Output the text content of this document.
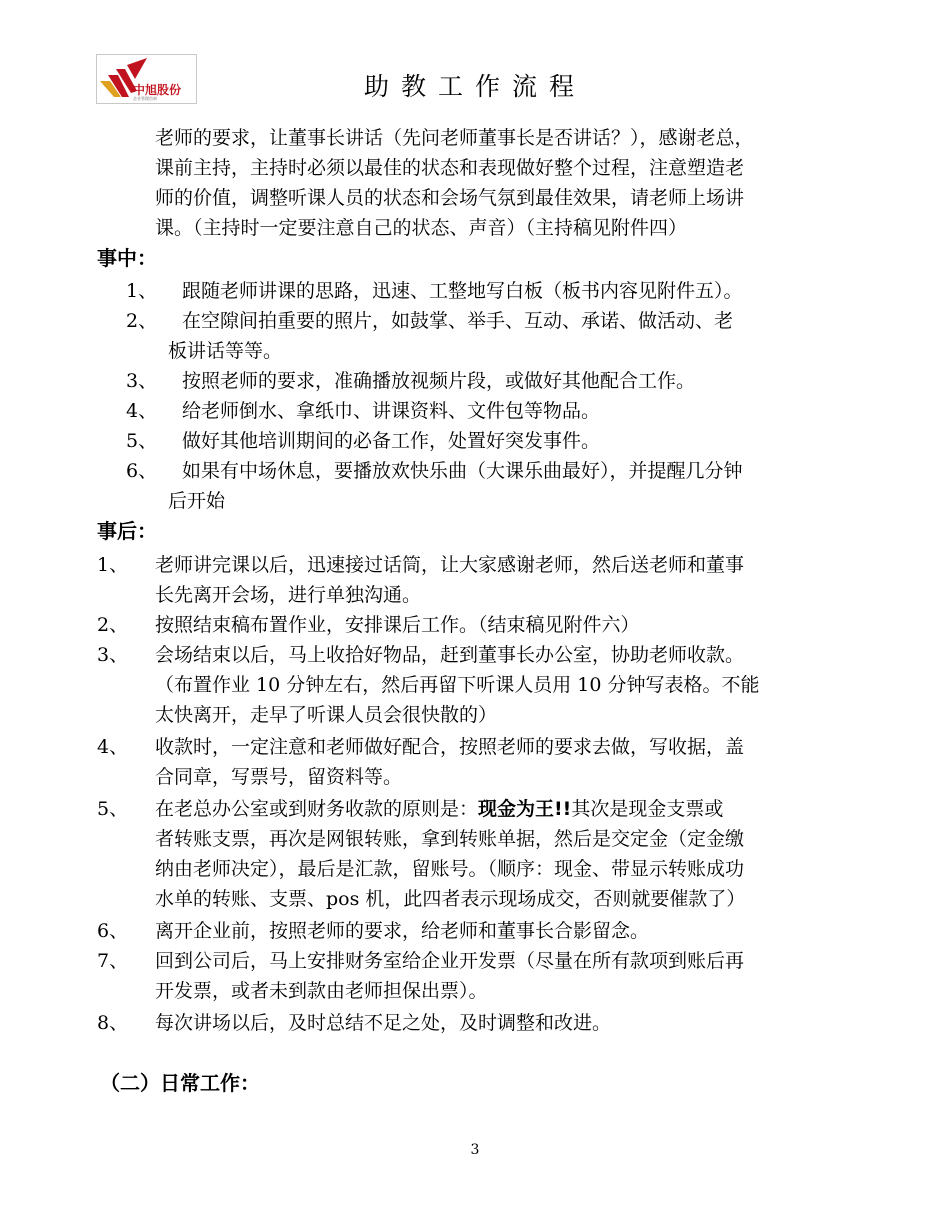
中旭股份
企业管理咨询	助教工作流程
老师的要求，让董事长讲话（先问老师董事长是否讲话？），感谢老总，
课前主持，主持时必须以最佳的状态和表现做好整个过程，注意塑造老
师的价值，调整听课人员的状态和会场气氛到最佳效果，请老师上场讲
课。（主持时一定要注意自己的状态、声音）（主持稿见附件四）
事中：
1、 跟随老师讲课的思路，迅速、工整地写白板（板书内容见附件五）。
2、 在空隙间拍重要的照片，如鼓掌、举手、互动、承诺、做活动、老
板讲话等等。
3、 按照老师的要求，准确播放视频片段，或做好其他配合工作。
4、 给老师倒水、拿纸巾、讲课资料、文件包等物品。
5、 做好其他培训期间的必备工作，处置好突发事件。
6、 如果有中场休息，要播放欢快乐曲（大课乐曲最好），并提醒几分钟
后开始
事后：
1、 老师讲完课以后，迅速接过话筒，让大家感谢老师，然后送老师和董事
长先离开会场，进行单独沟通。
2、 按照结束稿布置作业，安排课后工作。（结束稿见附件六）
3、 会场结束以后，马上收拾好物品，赶到董事长办公室，协助老师收款。
（布置作业 10 分钟左右，然后再留下听课人员用 10 分钟写表格。不能
太快离开，走早了听课人员会很快散的）
4、 收款时，一定注意和老师做好配合，按照老师的要求去做，写收据，盖
合同章，写票号，留资料等。
5、 在老总办公室或到财务收款的原则是：现金为王!!其次是现金支票或
者转账支票，再次是网银转账，拿到转账单据，然后是交定金（定金缴
纳由老师决定），最后是汇款，留账号。（顺序：现金、带显示转账成功
水单的转账、支票、pos 机，此四者表示现场成交，否则就要催款了）
6、 离开企业前，按照老师的要求，给老师和董事长合影留念。
7、 回到公司后，马上安排财务室给企业开发票（尽量在所有款项到账后再
开发票，或者未到款由老师担保出票）。
8、 每次讲场以后，及时总结不足之处，及时调整和改进。
（二）日常工作：
3
